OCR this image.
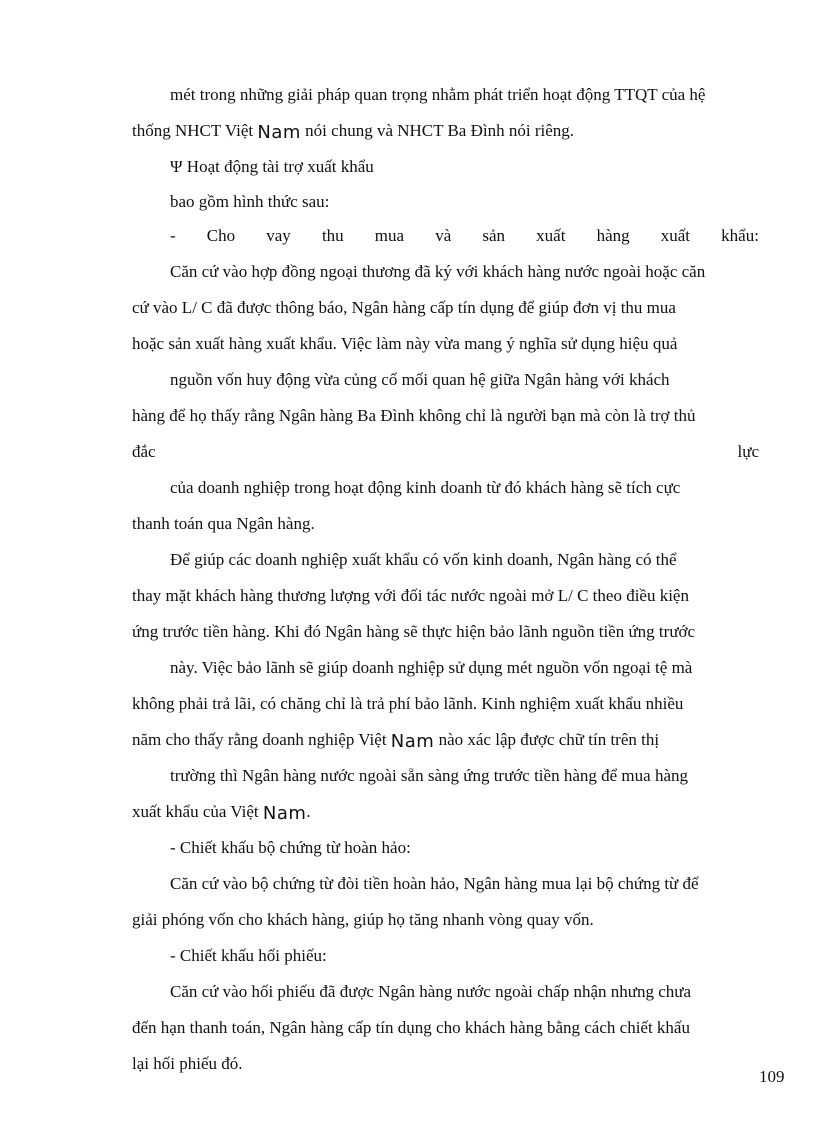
mét trong những giải pháp quan trọng nhằm phát triển hoạt động TTQT của hệ
thống NHCT Việt Nam nói chung và NHCT Ba Đình nói riêng.
Ψ Hoạt động tài trợ xuất khẩu
bao gồm hình thức sau:
- Cho vay thu mua và sản xuất hàng xuất khẩu:
Căn cứ vào hợp đồng ngoại thương đã ký với khách hàng nước ngoài hoặc căn
cứ vào L/ C đã được thông báo, Ngân hàng cấp tín dụng để giúp đơn vị thu mua
hoặc sản xuất hàng xuất khẩu. Việc làm này vừa mang ý nghĩa sử dụng hiệu quả
nguồn vốn huy động vừa củng cố mối quan hệ giữa Ngân hàng với khách
hàng để họ thấy rằng Ngân hàng Ba Đình không chỉ là người bạn mà còn là trợ thủ
đắc	lực
của doanh nghiệp trong hoạt động kinh doanh từ đó khách hàng sẽ tích cực
thanh toán qua Ngân hàng.
Để giúp các doanh nghiệp xuất khẩu có vốn kinh doanh, Ngân hàng có thể
thay mặt khách hàng thương lượng với đối tác nước ngoài mở L/ C theo điều kiện
ứng trước tiền hàng. Khi đó Ngân hàng sẽ thực hiện bảo lãnh nguồn tiền ứng trước
này. Việc bảo lãnh sẽ giúp doanh nghiệp sử dụng mét nguồn vốn ngoại tệ mà
không phải trả lãi, có chăng chỉ là trả phí bảo lãnh. Kinh nghiệm xuất khẩu nhiều
năm cho thấy rằng doanh nghiệp Việt Nam nào xác lập được chữ tín trên thị
trường thì Ngân hàng nước ngoài sẵn sàng ứng trước tiền hàng để mua hàng
xuất khẩu của Việt Nam .
- Chiết khấu bộ chứng từ hoàn hảo:
Căn cứ vào bộ chứng từ đòi tiền hoàn hảo, Ngân hàng mua lại bộ chứng từ để
giải phóng vốn cho khách hàng, giúp họ tăng nhanh vòng quay vốn.
- Chiết khấu hối phiếu:
Căn cứ vào hối phiếu đã được Ngân hàng nước ngoài chấp nhận nhưng chưa
đến hạn thanh toán, Ngân hàng cấp tín dụng cho khách hàng bằng cách chiết khấu
lại hối phiếu đó.
109
